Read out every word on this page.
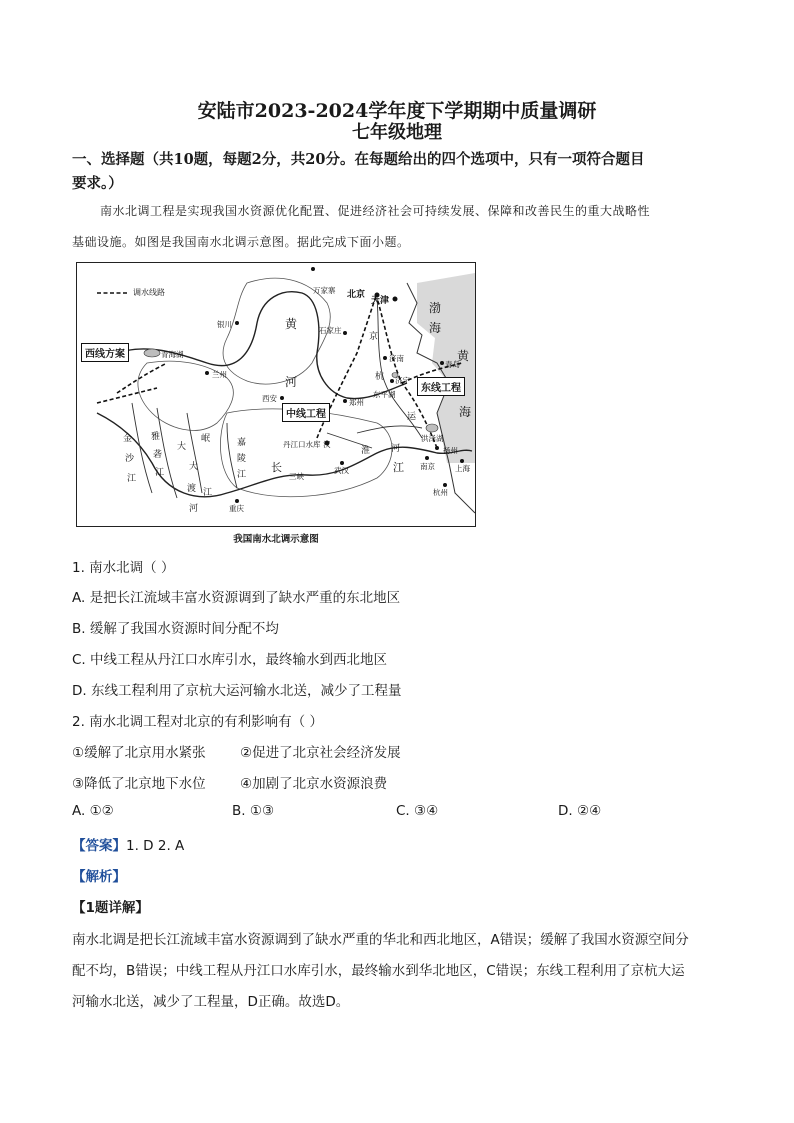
安陆市2023-2024学年度下学期期中质量调研
七年级地理
一、选择题（共10题，每题2分，共20分。在每题给出的四个选项中，只有一项符合题目
要求。）
南水北调工程是实现我国水资源优化配置、促进经济社会可持续发展、保障和改善民生的重大战略性
基础设施。如图是我国南水北调示意图。据此完成下面小题。
调水线路	北京
天津
万家寨
银川
石家庄
青海湖
兰州
济南
青岛
济宁
东平湖
西安	郑州
丹江口水库 汉
洪泽湖
扬州
南京	上海
杭州
武汉
三峡
重庆
黄
河
渤
海
黄
海
长	江
淮 河
运
京
杭
大
金
沙
江
雅
砻
江
大
渡
河
岷
江
嘉
陵
江
西线方案
中线工程
东线工程
我国南水北调示意图
1. 南水北调（ ）
A. 是把长江流域丰富水资源调到了缺水严重的东北地区
B. 缓解了我国水资源时间分配不均
C. 中线工程从丹江口水库引水，最终输水到西北地区
D. 东线工程利用了京杭大运河输水北送，减少了工程量
2. 南水北调工程对北京的有利影响有（ ）
①缓解了北京用水紧张	②促进了北京社会经济发展
③降低了北京地下水位	④加剧了北京水资源浪费
A. ①②	B. ①③	C. ③④	D. ②④
【答案】1. D 2. A
【解析】
【1题详解】
南水北调是把长江流域丰富水资源调到了缺水严重的华北和西北地区，A错误；缓解了我国水资源空间分
配不均，B错误；中线工程从丹江口水库引水，最终输水到华北地区，C错误；东线工程利用了京杭大运
河输水北送，减少了工程量，D正确。故选D。
